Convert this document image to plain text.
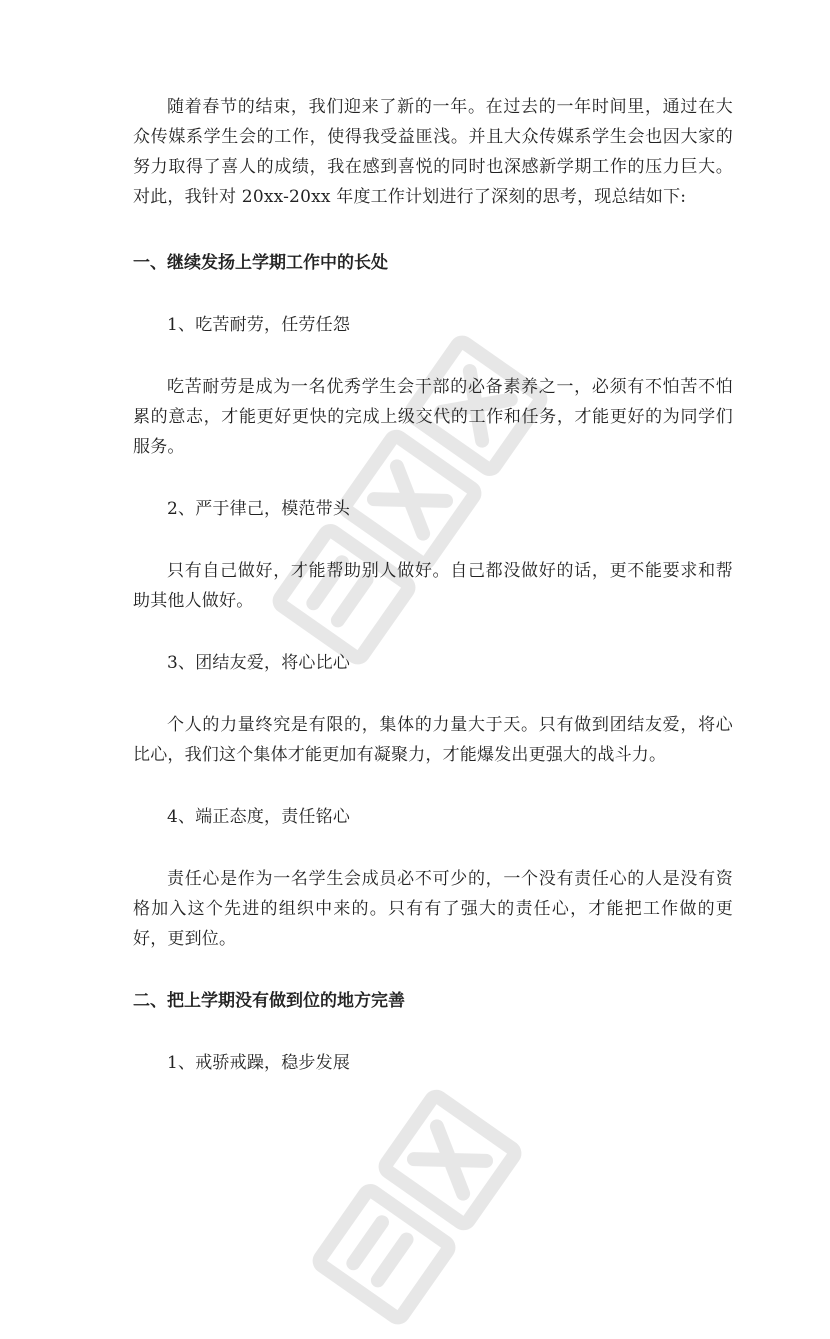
随着春节的结束，我们迎来了新的一年。在过去的一年时间里，通过在大众传媒系学生会的工作，使得我受益匪浅。并且大众传媒系学生会也因大家的努力取得了喜人的成绩，我在感到喜悦的同时也深感新学期工作的压力巨大。对此，我针对 20xx-20xx 年度工作计划进行了深刻的思考，现总结如下:

一、继续发扬上学期工作中的长处

1、吃苦耐劳，任劳任怨

吃苦耐劳是成为一名优秀学生会干部的必备素养之一，必须有不怕苦不怕累的意志，才能更好更快的完成上级交代的工作和任务，才能更好的为同学们服务。

2、严于律己，模范带头

只有自己做好，才能帮助别人做好。自己都没做好的话，更不能要求和帮助其他人做好。

3、团结友爱，将心比心

个人的力量终究是有限的，集体的力量大于天。只有做到团结友爱，将心比心，我们这个集体才能更加有凝聚力，才能爆发出更强大的战斗力。

4、端正态度，责任铭心

责任心是作为一名学生会成员必不可少的，一个没有责任心的人是没有资格加入这个先进的组织中来的。只有有了强大的责任心，才能把工作做的更好，更到位。

二、把上学期没有做到位的地方完善

1、戒骄戒躁，稳步发展
